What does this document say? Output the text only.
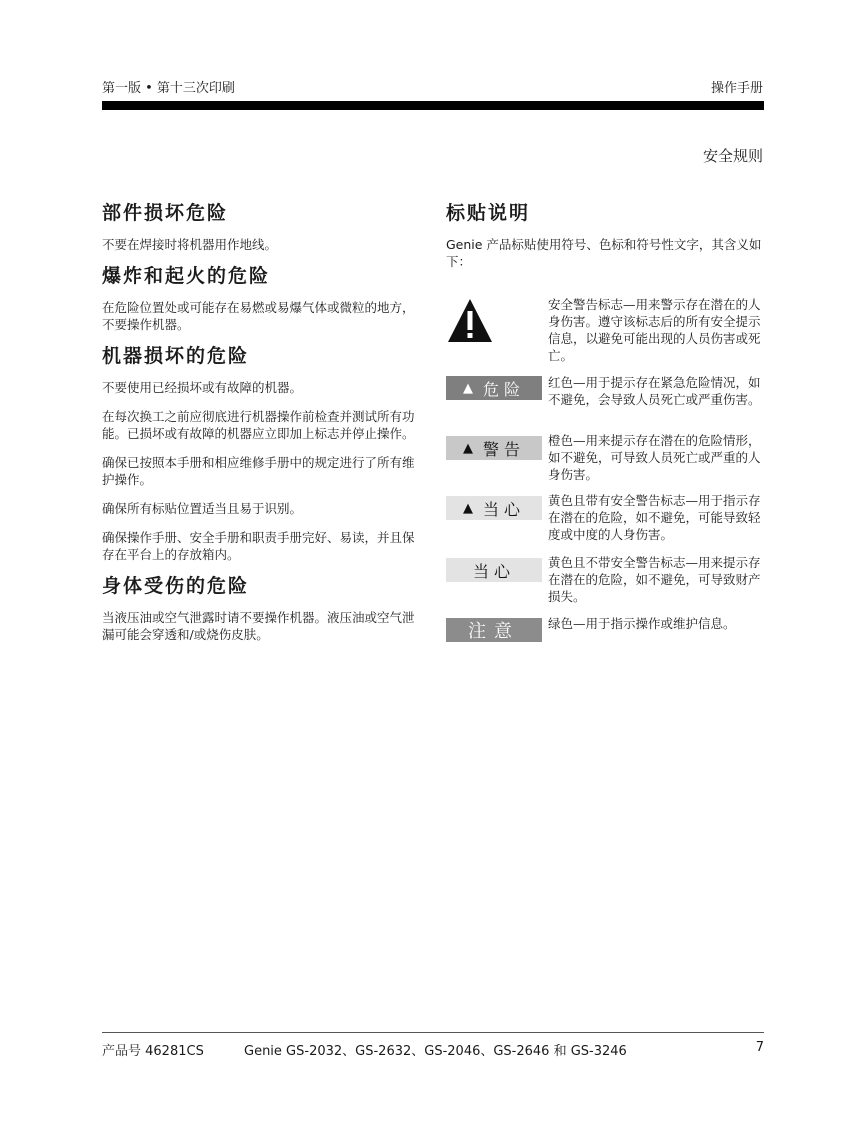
第一版 • 第十三次印刷	操作手册
安全规则
部件损坏危险

不要在焊接时将机器用作地线。

爆炸和起火的危险

在危险位置处或可能存在易燃或易爆气体或微粒的地方，不要操作机器。

机器损坏的危险

不要使用已经损坏或有故障的机器。

在每次换工之前应彻底进行机器操作前检查并测试所有功能。已损坏或有故障的机器应立即加上标志并停止操作。

确保已按照本手册和相应维修手册中的规定进行了所有维护操作。

确保所有标贴位置适当且易于识别。

确保操作手册、安全手册和职责手册完好、易读，并且保存在平台上的存放箱内。

身体受伤的危险

当液压油或空气泄露时请不要操作机器。液压油或空气泄漏可能会穿透和/或烧伤皮肤。

标贴说明

Genie 产品标贴使用符号、色标和符号性文字，其含义如下：

安全警告标志—用来警示存在潜在的人身伤害。遵守该标志后的所有安全提示信息，以避免可能出现的人员伤害或死亡。
▲ 危险 红色—用于提示存在紧急危险情况，如不避免，会导致人员死亡或严重伤害。
▲ 警告 橙色—用来提示存在潜在的危险情形，如不避免，可导致人员死亡或严重的人身伤害。
▲ 当心 黄色且带有安全警告标志—用于指示存在潜在的危险，如不避免，可能导致轻度或中度的人身伤害。
当心	黄色且不带安全警告标志—用来提示存在潜在的危险，如不避免，可导致财产损失。
注意 绿色—用于指示操作或维护信息。
产品号 46281CS	Genie GS-2032、GS-2632、GS-2046、GS-2646 和 GS-3246	7
